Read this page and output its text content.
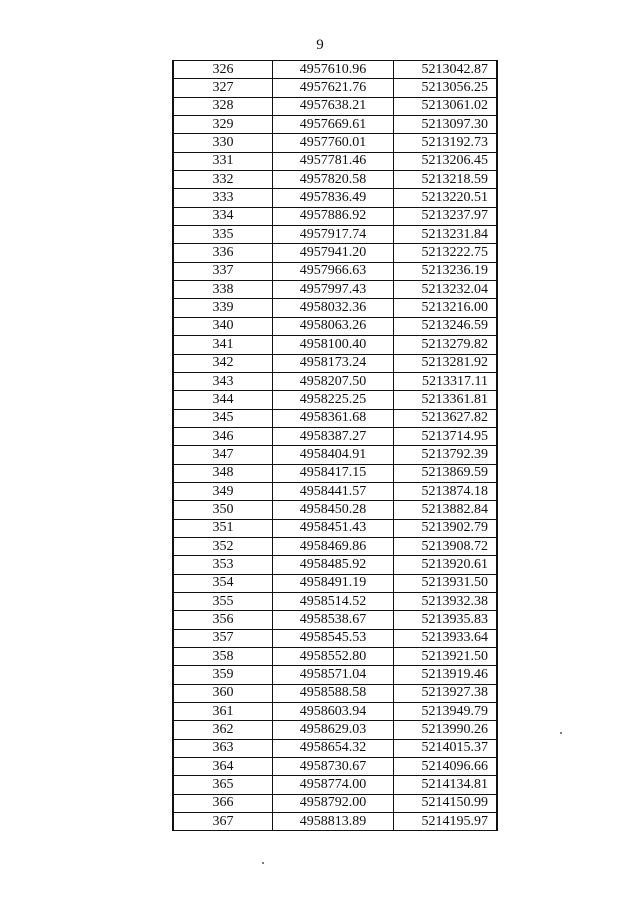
9
326	4957610.96	5213042.87
327	4957621.76	5213056.25
328	4957638.21	5213061.02
329	4957669.61	5213097.30
330	4957760.01	5213192.73
331	4957781.46	5213206.45
332	4957820.58	5213218.59
333	4957836.49	5213220.51
334	4957886.92	5213237.97
335	4957917.74	5213231.84
336	4957941.20	5213222.75
337	4957966.63	5213236.19
338	4957997.43	5213232.04
339	4958032.36	5213216.00
340	4958063.26	5213246.59
341	4958100.40	5213279.82
342	4958173.24	5213281.92
343	4958207.50	5213317.11
344	4958225.25	5213361.81
345	4958361.68	5213627.82
346	4958387.27	5213714.95
347	4958404.91	5213792.39
348	4958417.15	5213869.59
349	4958441.57	5213874.18
350	4958450.28	5213882.84
351	4958451.43	5213902.79
352	4958469.86	5213908.72
353	4958485.92	5213920.61
354	4958491.19	5213931.50
355	4958514.52	5213932.38
356	4958538.67	5213935.83
357	4958545.53	5213933.64
358	4958552.80	5213921.50
359	4958571.04	5213919.46
360	4958588.58	5213927.38
361	4958603.94	5213949.79
362	4958629.03	5213990.26
363	4958654.32	5214015.37
364	4958730.67	5214096.66
365	4958774.00	5214134.81
366	4958792.00	5214150.99
367	4958813.89	5214195.97
